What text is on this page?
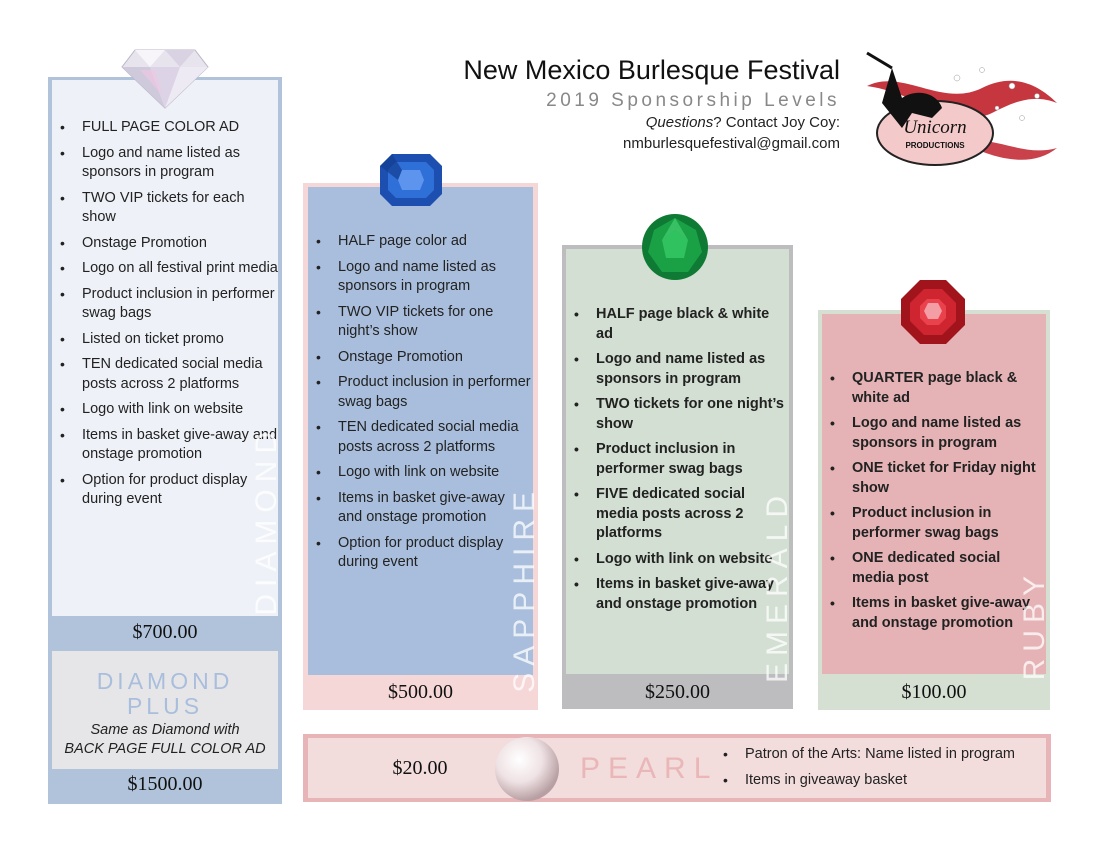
New Mexico Burlesque Festival
2019 Sponsorship Levels
Questions? Contact Joy Coy:
nmburlesquefestival@gmail.com
Unicorn
PRODUCTIONS
• FULL PAGE COLOR AD
• Logo and name listed as sponsors in program
• TWO VIP tickets for each show
• Onstage Promotion
• Logo on all festival print media
• Product inclusion in performer swag bags
• Listed on ticket promo
• TEN dedicated social media posts across 2 platforms
• Logo with link on website
• Items in basket give-away and onstage promotion
• Option for product display during event	DIAMOND
$700.00
DIAMOND
PLUS
Same as Diamond with
BACK PAGE FULL COLOR AD
$1500.00
• HALF page color ad
• Logo and name listed as sponsors in program
• TWO VIP tickets for one night’s show
• Onstage Promotion
• Product inclusion in performer swag bags
• TEN dedicated social media posts across 2 platforms
• Logo with link on website
• Items in basket give-away and onstage promotion
• Option for product display during event	SAPPHIRE
$500.00
• HALF page black & white ad
• Logo and name listed as sponsors in program
• TWO tickets for one night’s show
• Product inclusion in performer swag bags
• FIVE dedicated social media posts across 2 platforms
• Logo with link on website
• Items in basket give-away and onstage promotion EMERALD
$250.00
• QUARTER page black & white ad
• Logo and name listed as sponsors in program
• ONE ticket for Friday night show
• Product inclusion in performer swag bags
• ONE dedicated social media post
• Items in basket give-away and onstage promotion RUBY
$100.00
$20.00	PEARL
•	Patron of the Arts: Name listed in program
• Items in giveaway basket
